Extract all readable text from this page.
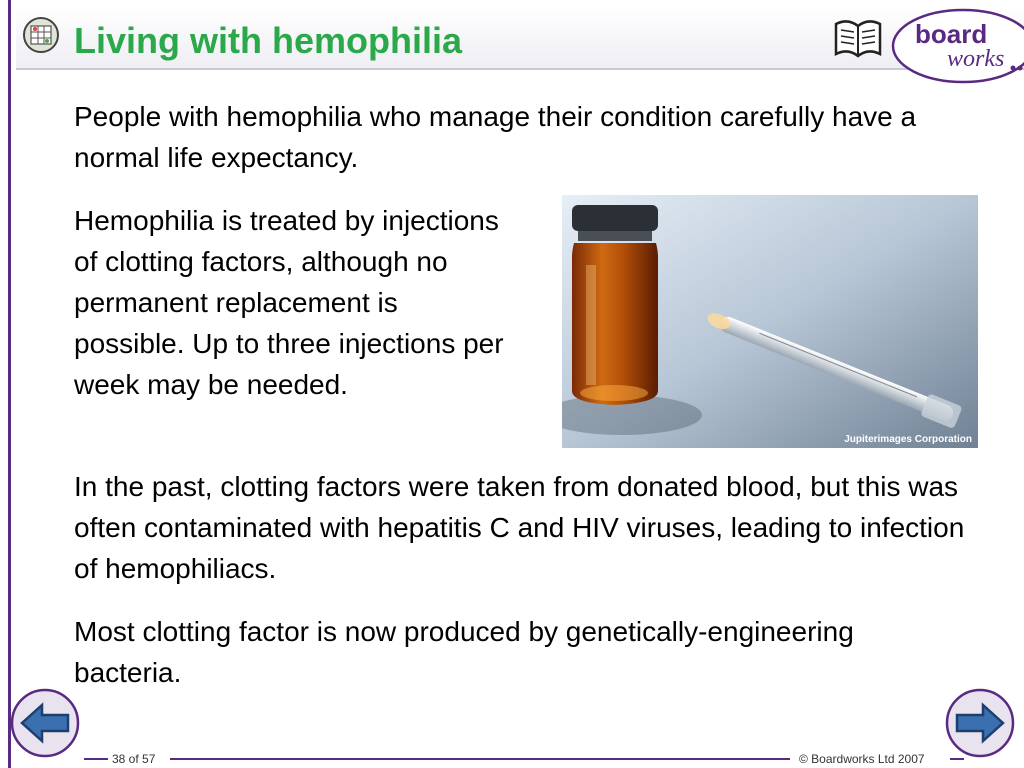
Living with hemophilia	board
works
People with hemophilia who manage their condition carefully have a normal life expectancy.
Hemophilia is treated by injections of clotting factors, although no permanent replacement is possible. Up to three injections per week may be needed.
Jupiterimages Corporation
In the past, clotting factors were taken from donated blood, but this was often contaminated with hepatitis C and HIV viruses, leading to infection of hemophiliacs.
Most clotting factor is now produced by genetically-engineering bacteria.
38 of 57	© Boardworks Ltd 2007
